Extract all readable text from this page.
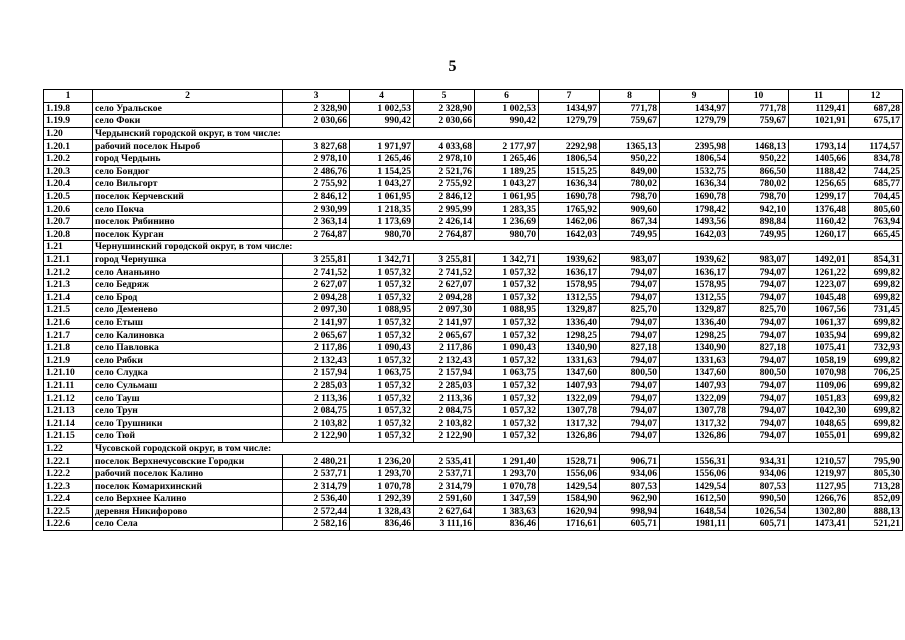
5
1	2	3	4	5	6	7	8	9	10	11	12
1.19.8	село Уральское	2 328,90	1 002,53	2 328,90	1 002,53	1434,97	771,78	1434,97	771,78	1129,41	687,28
1.19.9	село Фоки	2 030,66	990,42	2 030,66	990,42	1279,79	759,67	1279,79	759,67	1021,91	675,17
1.20	Чердынский городской округ, в том числе:										
1.20.1	рабочий поселок Ныроб	3 827,68	1 971,97	4 033,68	2 177,97	2292,98	1365,13	2395,98	1468,13	1793,14	1174,57
1.20.2	город Чердынь	2 978,10	1 265,46	2 978,10	1 265,46	1806,54	950,22	1806,54	950,22	1405,66	834,78
1.20.3	село Бондюг	2 486,76	1 154,25	2 521,76	1 189,25	1515,25	849,00	1532,75	866,50	1188,42	744,25
1.20.4	село Вильгорт	2 755,92	1 043,27	2 755,92	1 043,27	1636,34	780,02	1636,34	780,02	1256,65	685,77
1.20.5	поселок Керчевский	2 846,12	1 061,95	2 846,12	1 061,95	1690,78	798,70	1690,78	798,70	1299,17	704,45
1.20.6	село Покча	2 930,99	1 218,35	2 995,99	1 283,35	1765,92	909,60	1798,42	942,10	1376,48	805,60
1.20.7	поселок Рябинино	2 363,14	1 173,69	2 426,14	1 236,69	1462,06	867,34	1493,56	898,84	1160,42	763,94
1.20.8	поселок Курган	2 764,87	980,70	2 764,87	980,70	1642,03	749,95	1642,03	749,95	1260,17	665,45
1.21	Чернушинский городской округ, в том числе:										
1.21.1	город Чернушка	3 255,81	1 342,71	3 255,81	1 342,71	1939,62	983,07	1939,62	983,07	1492,01	854,31
1.21.2	село Ананьино	2 741,52	1 057,32	2 741,52	1 057,32	1636,17	794,07	1636,17	794,07	1261,22	699,82
1.21.3	село Бедряж	2 627,07	1 057,32	2 627,07	1 057,32	1578,95	794,07	1578,95	794,07	1223,07	699,82
1.21.4	село Брод	2 094,28	1 057,32	2 094,28	1 057,32	1312,55	794,07	1312,55	794,07	1045,48	699,82
1.21.5	село Деменево	2 097,30	1 088,95	2 097,30	1 088,95	1329,87	825,70	1329,87	825,70	1067,56	731,45
1.21.6	село Етыш	2 141,97	1 057,32	2 141,97	1 057,32	1336,40	794,07	1336,40	794,07	1061,37	699,82
1.21.7	село Калиновка	2 065,67	1 057,32	2 065,67	1 057,32	1298,25	794,07	1298,25	794,07	1035,94	699,82
1.21.8	село Павловка	2 117,86	1 090,43	2 117,86	1 090,43	1340,90	827,18	1340,90	827,18	1075,41	732,93
1.21.9	село Рябки	2 132,43	1 057,32	2 132,43	1 057,32	1331,63	794,07	1331,63	794,07	1058,19	699,82
1.21.10	село Слудка	2 157,94	1 063,75	2 157,94	1 063,75	1347,60	800,50	1347,60	800,50	1070,98	706,25
1.21.11	село Сульмаш	2 285,03	1 057,32	2 285,03	1 057,32	1407,93	794,07	1407,93	794,07	1109,06	699,82
1.21.12	село Тауш	2 113,36	1 057,32	2 113,36	1 057,32	1322,09	794,07	1322,09	794,07	1051,83	699,82
1.21.13	село Трун	2 084,75	1 057,32	2 084,75	1 057,32	1307,78	794,07	1307,78	794,07	1042,30	699,82
1.21.14	село Трушники	2 103,82	1 057,32	2 103,82	1 057,32	1317,32	794,07	1317,32	794,07	1048,65	699,82
1.21.15	село Тюй	2 122,90	1 057,32	2 122,90	1 057,32	1326,86	794,07	1326,86	794,07	1055,01	699,82
1.22	Чусовской городской округ, в том числе:										
1.22.1	поселок Верхнечусовские Городки	2 480,21	1 236,20	2 535,41	1 291,40	1528,71	906,71	1556,31	934,31	1210,57	795,90
1.22.2	рабочий поселок Калино	2 537,71	1 293,70	2 537,71	1 293,70	1556,06	934,06	1556,06	934,06	1219,97	805,30
1.22.3	поселок Комарихинский	2 314,79	1 070,78	2 314,79	1 070,78	1429,54	807,53	1429,54	807,53	1127,95	713,28
1.22.4	село Верхнее Калино	2 536,40	1 292,39	2 591,60	1 347,59	1584,90	962,90	1612,50	990,50	1266,76	852,09
1.22.5	деревня Никифорово	2 572,44	1 328,43	2 627,64	1 383,63	1620,94	998,94	1648,54	1026,54	1302,80	888,13
1.22.6	село Села	2 582,16	836,46	3 111,16	836,46	1716,61	605,71	1981,11	605,71	1473,41	521,21
